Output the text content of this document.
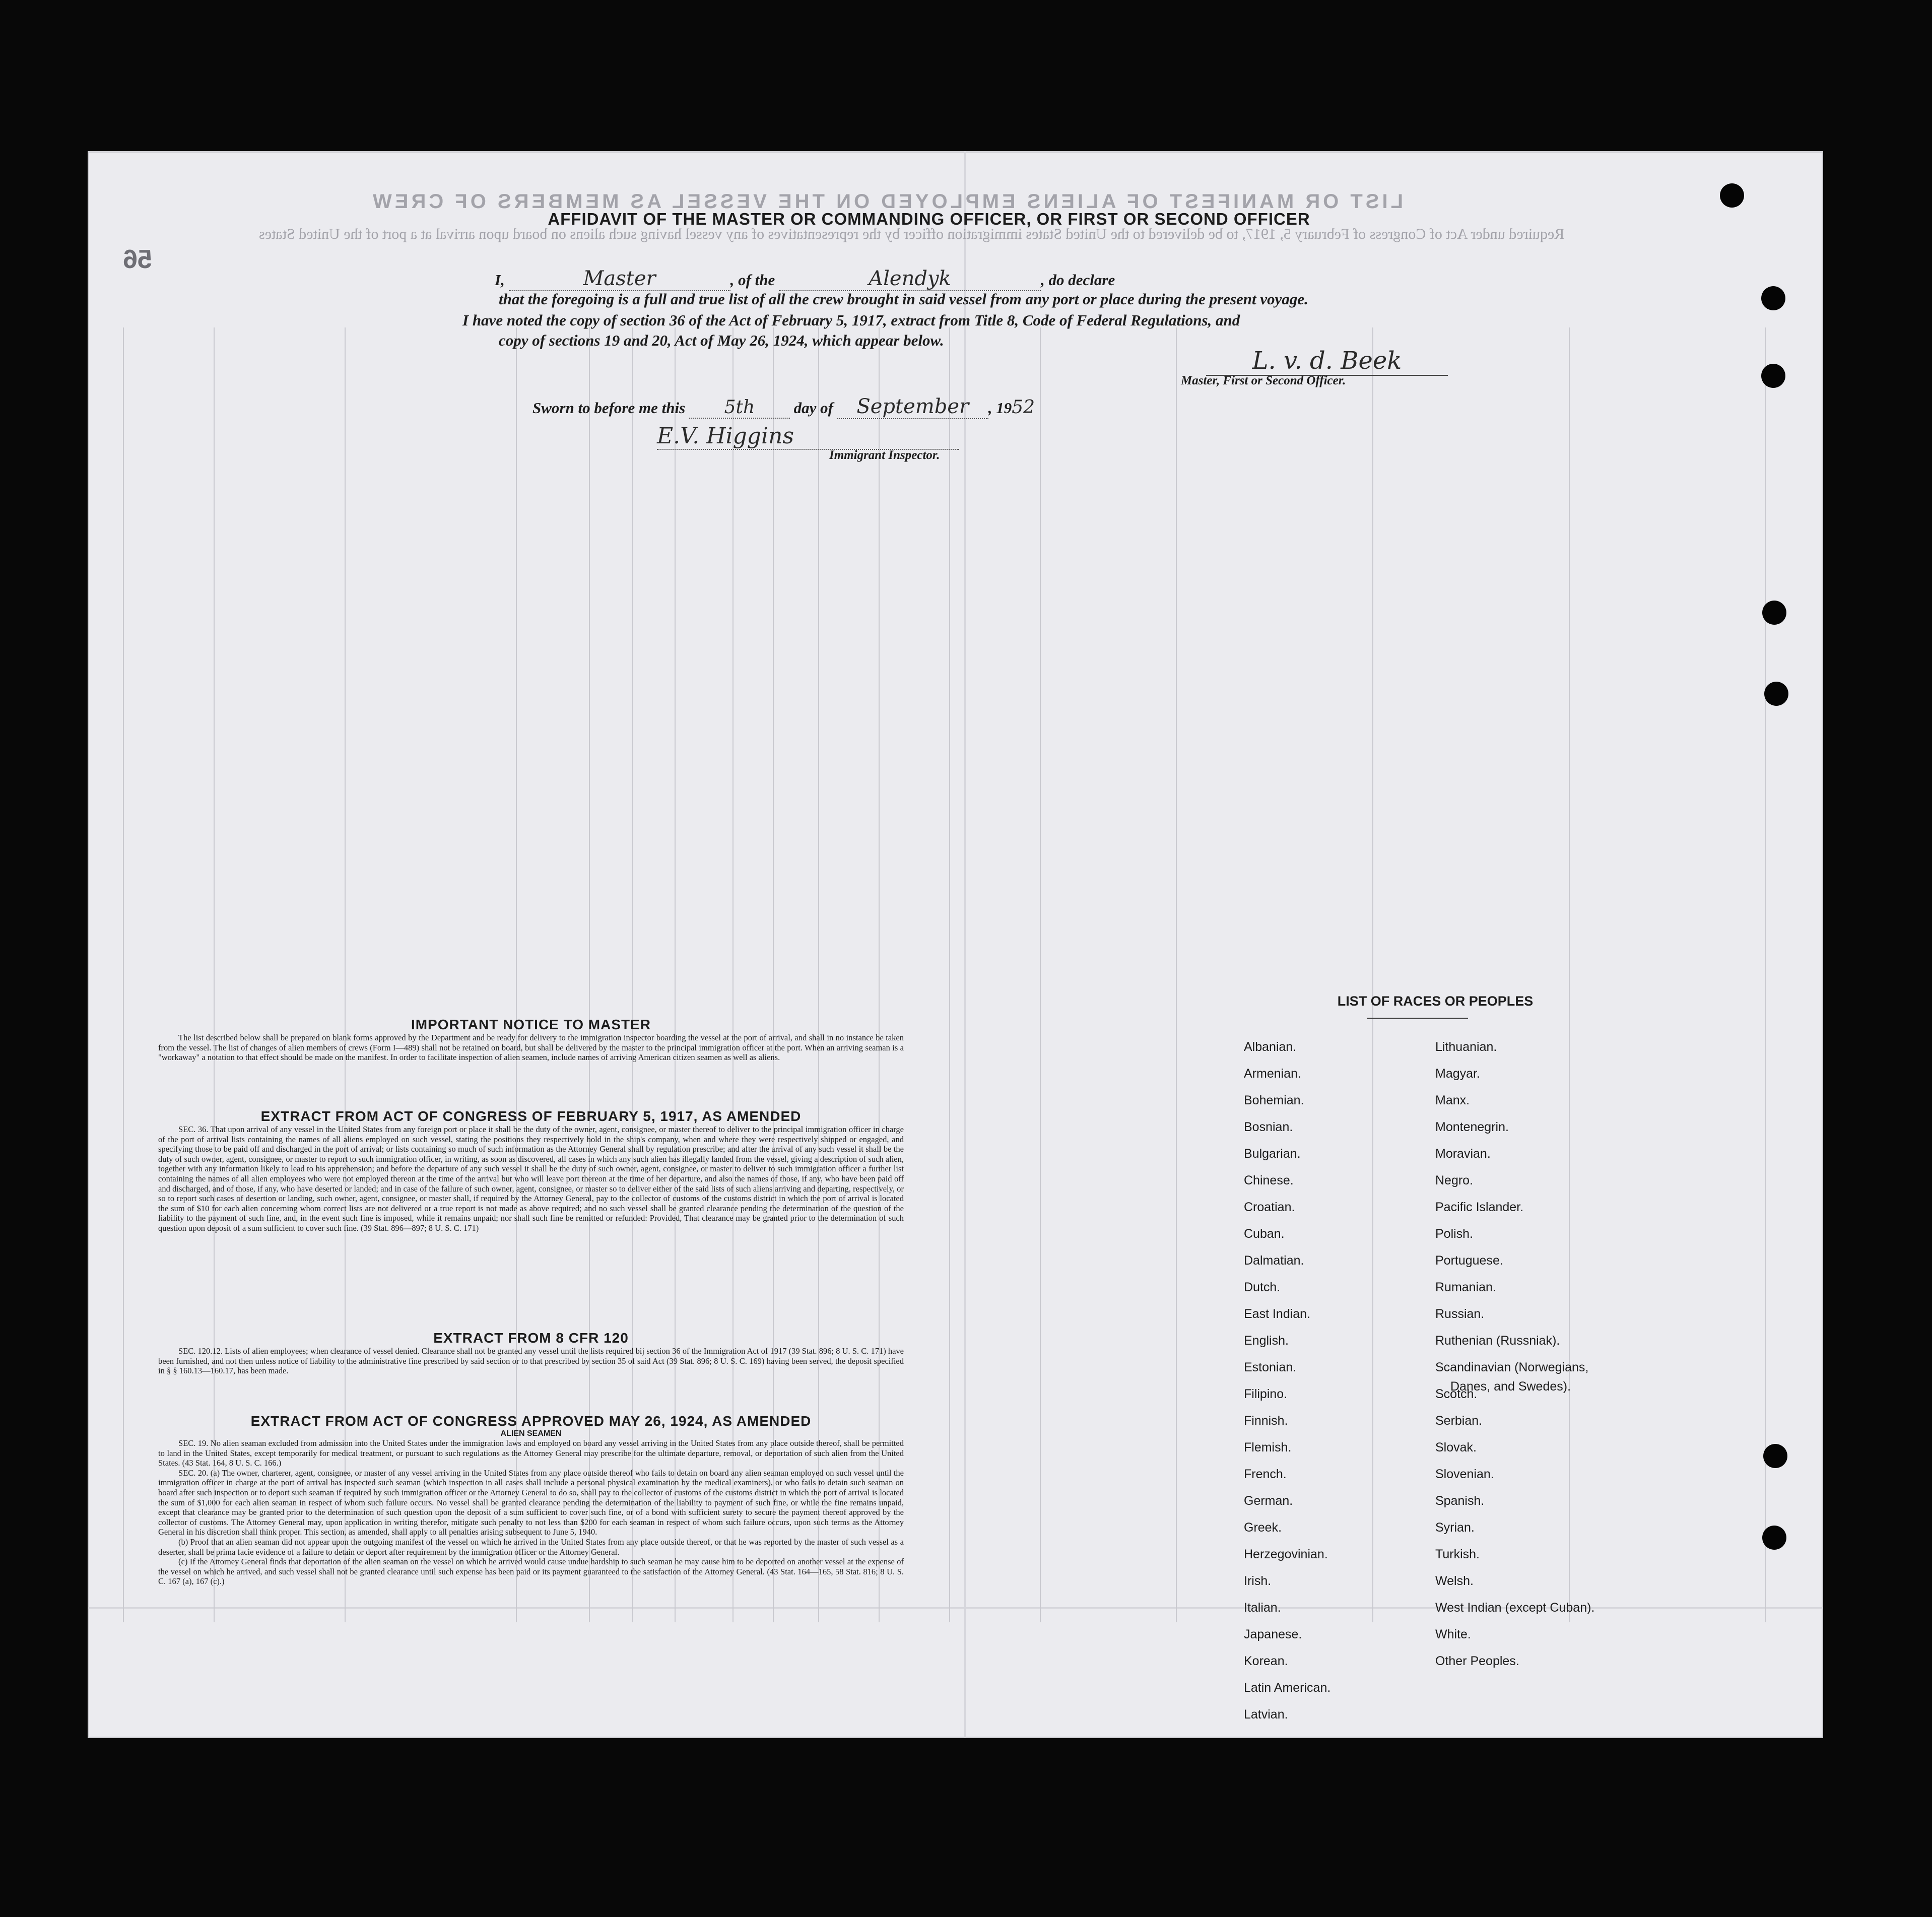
LIST OR MANIFEST OF ALIENS EMPLOYED ON THE VESSEL AS MEMBERS OF CREW
Required under Act of Congress of February 5, 1917, to be delivered to the United States immigration officer by the representatives of any vessel having such aliens on board upon arrival at a port of the United States
56
AFFIDAVIT OF THE MASTER OR COMMANDING OFFICER, OR FIRST OR SECOND OFFICER
I,	Master	, of the	Alendyk	, do declare
that the foregoing is a full and true list of all the crew brought in said vessel from any port or place during the present voyage.
I have noted the copy of section 36 of the Act of February 5, 1917, extract from Title 8, Code of Federal Regulations, and
copy of sections 19 and 20, Act of May 26, 1924, which appear below.
L. v. d. Beek
Master, First or Second Officer.
Sworn to before me this 5th day of September , 1952
E.V. Higgins
Immigrant Inspector.
IMPORTANT NOTICE TO MASTER

The list described below shall be prepared on blank forms approved by the Department and be ready for delivery to the immigration inspector boarding the vessel at the port of arrival, and shall in no instance be taken from the vessel. The list of changes of alien members of crews (Form I—489) shall not be retained on board, but shall be delivered by the master to the principal immigration officer at the port. When an arriving seaman is a "workaway" a notation to that effect should be made on the manifest. In order to facilitate inspection of alien seamen, include names of arriving American citizen seamen as well as aliens.

EXTRACT FROM ACT OF CONGRESS OF FEBRUARY 5, 1917, AS AMENDED

SEC. 36. That upon arrival of any vessel in the United States from any foreign port or place it shall be the duty of the owner, agent, consignee, or master thereof to deliver to the principal immigration officer in charge of the port of arrival lists containing the names of all aliens employed on such vessel, stating the positions they respectively hold in the ship's company, when and where they were respectively shipped or engaged, and specifying those to be paid off and discharged in the port of arrival; or lists containing so much of such information as the Attorney General shall by regulation prescribe; and after the arrival of any such vessel it shall be the duty of such owner, agent, consignee, or master to report to such immigration officer, in writing, as soon as discovered, all cases in which any such alien has illegally landed from the vessel, giving a description of such alien, together with any information likely to lead to his apprehension; and before the departure of any such vessel it shall be the duty of such owner, agent, consignee, or master to deliver to such immigration officer a further list containing the names of all alien employees who were not employed thereon at the time of the arrival but who will leave port thereon at the time of her departure, and also the names of those, if any, who have been paid off and discharged, and of those, if any, who have deserted or landed; and in case of the failure of such owner, agent, consignee, or master so to deliver either of the said lists of such aliens arriving and departing, respectively, or so to report such cases of desertion or landing, such owner, agent, consignee, or master shall, if required by the Attorney General, pay to the collector of customs of the customs district in which the port of arrival is located the sum of $10 for each alien concerning whom correct lists are not delivered or a true report is not made as above required; and no such vessel shall be granted clearance pending the determination of the question of the liability to the payment of such fine, and, in the event such fine is imposed, while it remains unpaid; nor shall such fine be remitted or refunded: Provided, That clearance may be granted prior to the determination of such question upon deposit of a sum sufficient to cover such fine. (39 Stat. 896—897; 8 U. S. C. 171)

EXTRACT FROM 8 CFR 120

SEC. 120.12. Lists of alien employees; when clearance of vessel denied. Clearance shall not be granted any vessel until the lists required bij section 36 of the Immigration Act of 1917 (39 Stat. 896; 8 U. S. C. 171) have been furnished, and not then unless notice of liability to the administrative fine prescribed by said section or to that prescribed by section 35 of said Act (39 Stat. 896; 8 U. S. C. 169) having been served, the deposit specified in § § 160.13—160.17, has been made.

EXTRACT FROM ACT OF CONGRESS APPROVED MAY 26, 1924, AS AMENDED
ALIEN SEAMEN

SEC. 19. No alien seaman excluded from admission into the United States under the immigration laws and employed on board any vessel arriving in the United States from any place outside thereof, shall be permitted to land in the United States, except temporarily for medical treatment, or pursuant to such regulations as the Attorney General may prescribe for the ultimate departure, removal, or deportation of such alien from the United States. (43 Stat. 164, 8 U. S. C. 166.)

SEC. 20. (a) The owner, charterer, agent, consignee, or master of any vessel arriving in the United States from any place outside thereof who fails to detain on board any alien seaman employed on such vessel until the immigration officer in charge at the port of arrival has inspected such seaman (which inspection in all cases shall include a personal physical examination by the medical examiners), or who fails to detain such seaman on board after such inspection or to deport such seaman if required by such immigration officer or the Attorney General to do so, shall pay to the collector of customs of the customs district in which the port of arrival is located the sum of $1,000 for each alien seaman in respect of whom such failure occurs. No vessel shall be granted clearance pending the determination of the liability to payment of such fine, or while the fine remains unpaid, except that clearance may be granted prior to the determination of such question upon the deposit of a sum sufficient to cover such fine, or of a bond with sufficient surety to secure the payment thereof approved by the collector of customs. The Attorney General may, upon application in writing therefor, mitigate such penalty to not less than $200 for each seaman in respect of whom such failure occurs, upon such terms as the Attorney General in his discretion shall think proper. This section, as amended, shall apply to all penalties arising subsequent to June 5, 1940.

(b) Proof that an alien seaman did not appear upon the outgoing manifest of the vessel on which he arrived in the United States from any place outside thereof, or that he was reported by the master of such vessel as a deserter, shall be prima facie evidence of a failure to detain or deport after requirement by the immigration officer or the Attorney General.

(c) If the Attorney General finds that deportation of the alien seaman on the vessel on which he arrived would cause undue hardship to such seaman he may cause him to be deported on another vessel at the expense of the vessel on which he arrived, and such vessel shall not be granted clearance until such expense has been paid or its payment guaranteed to the satisfaction of the Attorney General. (43 Stat. 164—165, 58 Stat. 816; 8 U. S. C. 167 (a), 167 (c).)

LIST OF RACES OR PEOPLES
Albanian.
Armenian.
Bohemian.
Bosnian.
Bulgarian.
Chinese.
Croatian.
Cuban.
Dalmatian.
Dutch.
East Indian.
English.
Estonian.
Filipino.
Finnish.
Flemish.
French.
German.
Greek.
Herzegovinian.
Irish.
Italian.
Japanese.
Korean.
Latin American.
Latvian.
Lithuanian.
Magyar.
Manx.
Montenegrin.
Moravian.
Negro.
Pacific Islander.
Polish.
Portuguese.
Rumanian.
Russian.
Ruthenian (Russniak).
Scandinavian (Norwegians,
Danes, and Swedes).
Scotch.
Serbian.
Slovak.
Slovenian.
Spanish.
Syrian.
Turkish.
Welsh.
West Indian (except Cuban).
White.
Other Peoples.
